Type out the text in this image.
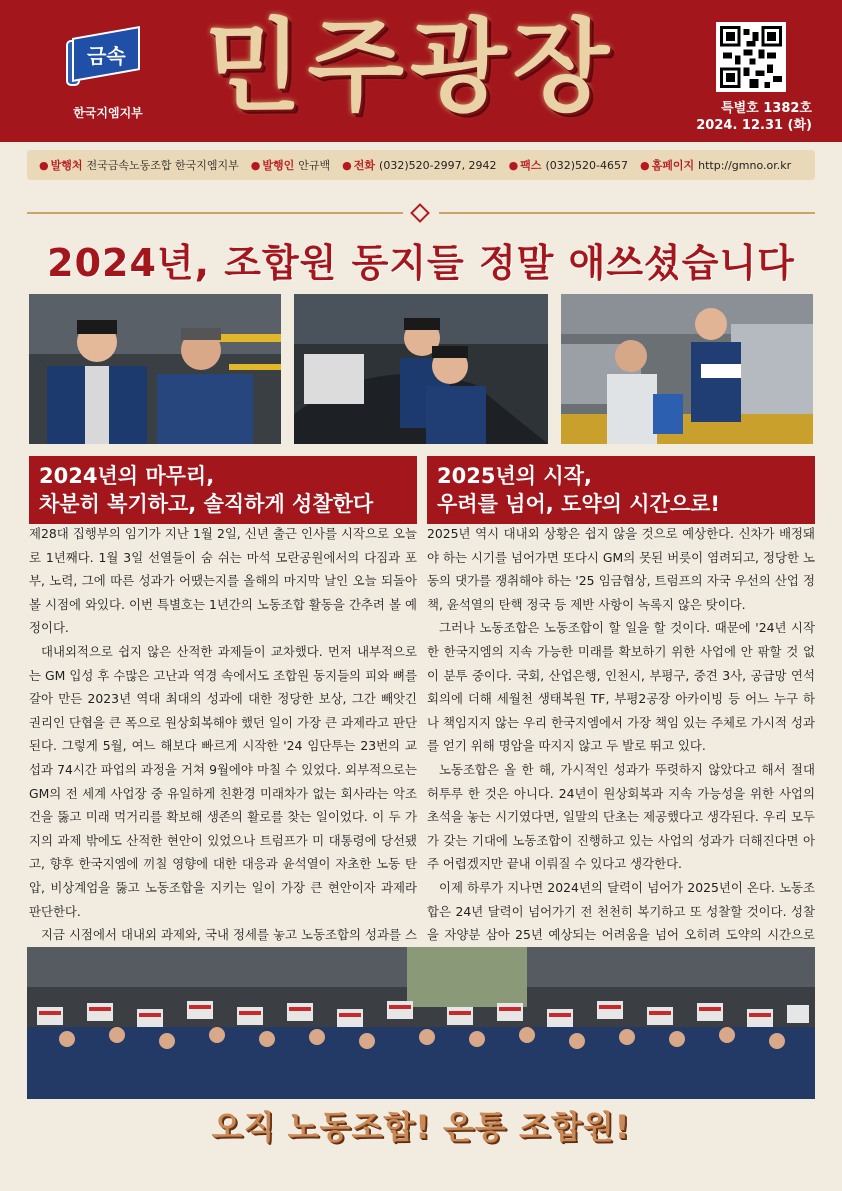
금속
한국지엠지부 민주광장	특별호 1382호
2024. 12.31 (화)
● 발행처 전국금속노동조합 한국지엠지부	● 발행인 안규백	● 전화 (032)520-2997, 2942	● 팩스 (032)520-4657	● 홈페이지 http://gmno.or.kr
2024년, 조합원 동지들 정말 애쓰셨습니다
2024년의 마무리,
차분히 복기하고, 솔직하게 성찰한다

제28대 집행부의 임기가 지난 1월 2일, 신년 출근 인사를 시작으로 오늘로 1년째다. 1월 3일 선열들이 숨 쉬는 마석 모란공원에서의 다짐과 포부, 노력, 그에 따른 성과가 어땠는지를 올해의 마지막 날인 오늘 되돌아볼 시점에 와있다. 이번 특별호는 1년간의 노동조합 활동을 간추려 볼 예정이다.

대내외적으로 쉽지 않은 산적한 과제들이 교차했다. 먼저 내부적으로는 GM 입성 후 수많은 고난과 역경 속에서도 조합원 동지들의 피와 뼈를 갈아 만든 2023년 역대 최대의 성과에 대한 정당한 보상, 그간 빼앗긴 권리인 단협을 큰 폭으로 원상회복해야 했던 일이 가장 큰 과제라고 판단된다. 그렇게 5월, 여느 해보다 빠르게 시작한 '24 임단투는 23번의 교섭과 74시간 파업의 과정을 거쳐 9월에야 마칠 수 있었다. 외부적으로는 GM의 전 세계 사업장 중 유일하게 친환경 미래차가 없는 회사라는 악조건을 뚫고 미래 먹거리를 확보해 생존의 활로를 찾는 일이었다. 이 두 가지의 과제 밖에도 산적한 현안이 있었으나 트럼프가 미 대통령에 당선됐고, 향후 한국지엠에 끼칠 영향에 대한 대응과 윤석열이 자초한 노동 탄압, 비상계엄을 뚫고 노동조합을 지키는 일이 가장 큰 현안이자 과제라 판단한다.

지금 시점에서 대내외 과제와, 국내 정세를 놓고 노동조합의 성과를 스

2025년의 시작,
우려를 넘어, 도약의 시간으로!

2025년 역시 대내외 상황은 쉽지 않을 것으로 예상한다. 신차가 배정돼야 하는 시기를 넘어가면 또다시 GM의 못된 버릇이 염려되고, 정당한 노동의 댓가를 쟁취해야 하는 '25 임금협상, 트럼프의 자국 우선의 산업 정책, 윤석열의 탄핵 정국 등 제반 사항이 녹록지 않은 탓이다.

그러나 노동조합은 노동조합이 할 일을 할 것이다. 때문에 '24년 시작한 한국지엠의 지속 가능한 미래를 확보하기 위한 사업에 안 팎할 것 없이 분투 중이다. 국회, 산업은행, 인천시, 부평구, 중견 3사, 공급망 연석회의에 더해 세월천 생태복원 TF, 부평2공장 아카이빙 등 어느 누구 하나 책임지지 않는 우리 한국지엠에서 가장 책임 있는 주체로 가시적 성과를 얻기 위해 명암을 따지지 않고 두 발로 뛰고 있다.

노동조합은 올 한 해, 가시적인 성과가 뚜렷하지 않았다고 해서 절대 허투루 한 것은 아니다. 24년이 원상회복과 지속 가능성을 위한 사업의 초석을 놓는 시기였다면, 일말의 단초는 제공했다고 생각된다. 우리 모두가 갖는 기대에 노동조합이 진행하고 있는 사업의 성과가 더해진다면 아주 어렵겠지만 끝내 이뤄질 수 있다고 생각한다.

이제 하루가 지나면 2024년의 달력이 넘어가 2025년이 온다. 노동조합은 24년 달력이 넘어가기 전 천천히 복기하고 또 성찰할 것이다. 성찰을 자양분 삼아 25년 예상되는 어려움을 넘어 오히려 도약의 시간으로

오직 노동조합! 온통 조합원!
